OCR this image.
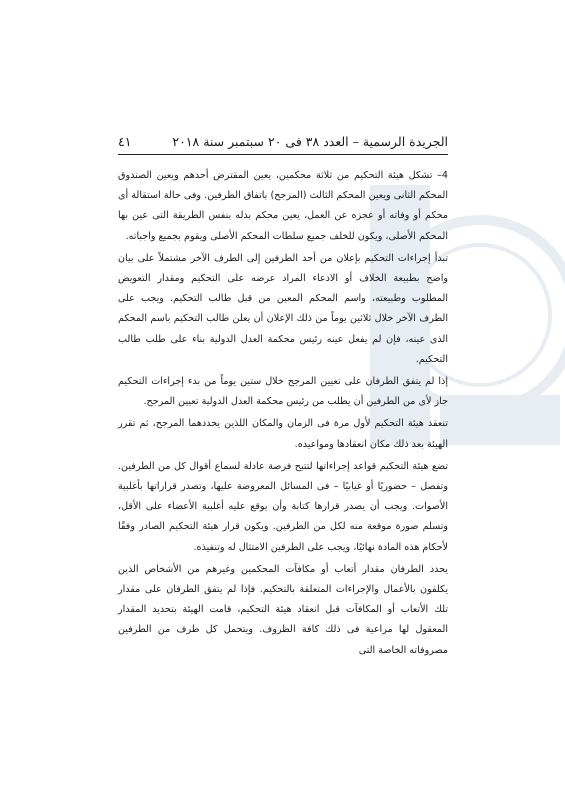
الجريدة الرسمية – العدد ٣٨ فى ٢٠ سبتمبر سنة ٢٠١٨
٤١

4– تشكل هيئة التحكيم من ثلاثة محكمين، يعين المقترض أحدهم ويعين الصندوق المحكم الثانى ويعين المحكم الثالث (المرجح) باتفاق الطرفين. وفى حالة استقالة أى محكم أو وفاته أو عجزه عن العمل، يعين محكم بدله بنفس الطريقة التى عين بها المحكم الأصلى، ويكون للخلف جميع سلطات المحكم الأصلى ويقوم بجميع واجباته.

تبدأ إجراءات التحكيم بإعلان من أحد الطرفين إلى الطرف الآخر مشتملاً على بيان واضح بطبيعة الخلاف أو الادعاء المراد عرضه على التحكيم ومقدار التعويض المطلوب وطبيعته، واسم المحكم المعين من قبل طالب التحكيم. ويجب على الطرف الآخر خلال ثلاثين يوماً من ذلك الإعلان أن يعلن طالب التحكيم باسم المحكم الذى عينه، فإن لم يفعل عينه رئيس محكمة العدل الدولية بناء على طلب طالب التحكيم.

إذا لم يتفق الطرفان على تعيين المرجح خلال ستين يوماً من بدء إجراءات التحكيم جاز لأى من الطرفين أن يطلب من رئيس محكمة العدل الدولية تعيين المرجح.

تنعقد هيئة التحكيم لأول مرة فى الزمان والمكان اللذين يحددهما المرجح، ثم تقرر الهيئة بعد ذلك مكان انعقادها ومواعيده.

تضع هيئة التحكيم قواعد إجراءاتها لتتيح فرصة عادلة لسماع أقوال كل من الطرفين. وتفصل – حضوريًا أو غيابيًا – فى المسائل المعروضة عليها، وتصدر قراراتها بأغلبية الأصوات. ويجب أن يصدر قرارها كتابة وأن يوقع عليه أغلبية الأعضاء على الأقل، وتسلم صورة موقعة منه لكل من الطرفين. ويكون قرار هيئة التحكيم الصادر وفقًا لأحكام هذه المادة نهائيًا، ويجب على الطرفين الامتثال له وتنفيذه.

يحدد الطرفان مقدار أتعاب أو مكافآت المحكمين وغيرهم من الأشخاص الذين يكلفون بالأعمال والإجراءات المتعلقة بالتحكيم. فإذا لم يتفق الطرفان على مقدار تلك الأتعاب أو المكافآت قبل انعقاد هيئة التحكيم، قامت الهيئة بتحديد المقدار المعقول لها مراعية فى ذلك كافة الظروف. ويتحمل كل طرف من الطرفين مصروفاته الخاصة التى
